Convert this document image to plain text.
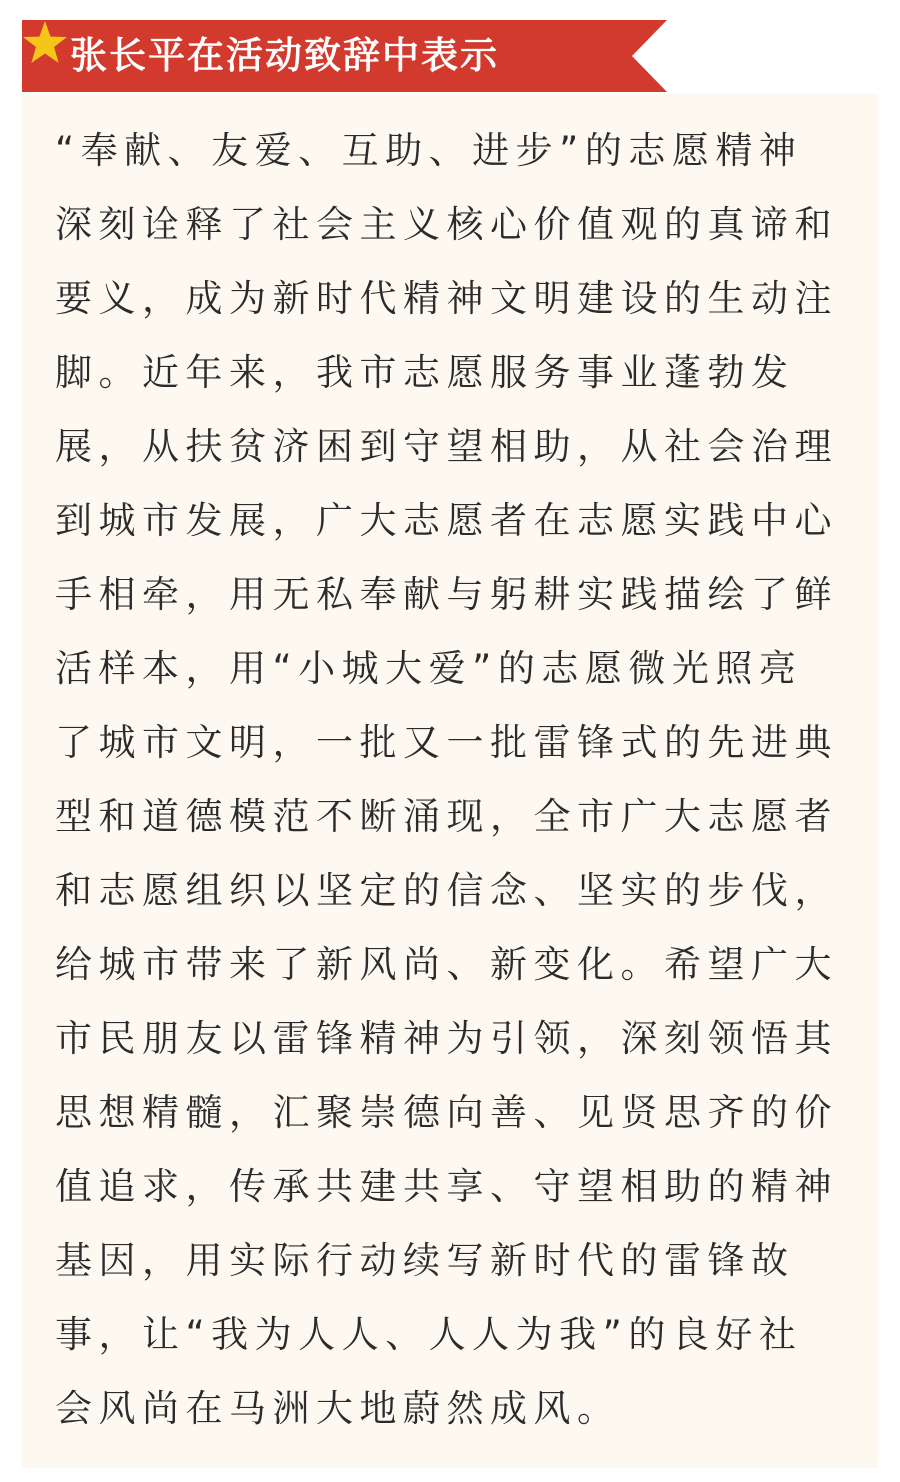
张长平在活动致辞中表示
“奉献、友爱、互助、进步”的志愿精神
深刻诠释了社会主义核心价值观的真谛和
要义，成为新时代精神文明建设的生动注
脚。近年来，我市志愿服务事业蓬勃发
展，从扶贫济困到守望相助，从社会治理
到城市发展，广大志愿者在志愿实践中心
手相牵，用无私奉献与躬耕实践描绘了鲜
活样本，用“小城大爱”的志愿微光照亮
了城市文明，一批又一批雷锋式的先进典
型和道德模范不断涌现，全市广大志愿者
和志愿组织以坚定的信念、坚实的步伐，
给城市带来了新风尚、新变化。希望广大
市民朋友以雷锋精神为引领，深刻领悟其
思想精髓，汇聚崇德向善、见贤思齐的价
值追求，传承共建共享、守望相助的精神
基因，用实际行动续写新时代的雷锋故
事，让“我为人人、人人为我”的良好社
会风尚在马洲大地蔚然成风。
